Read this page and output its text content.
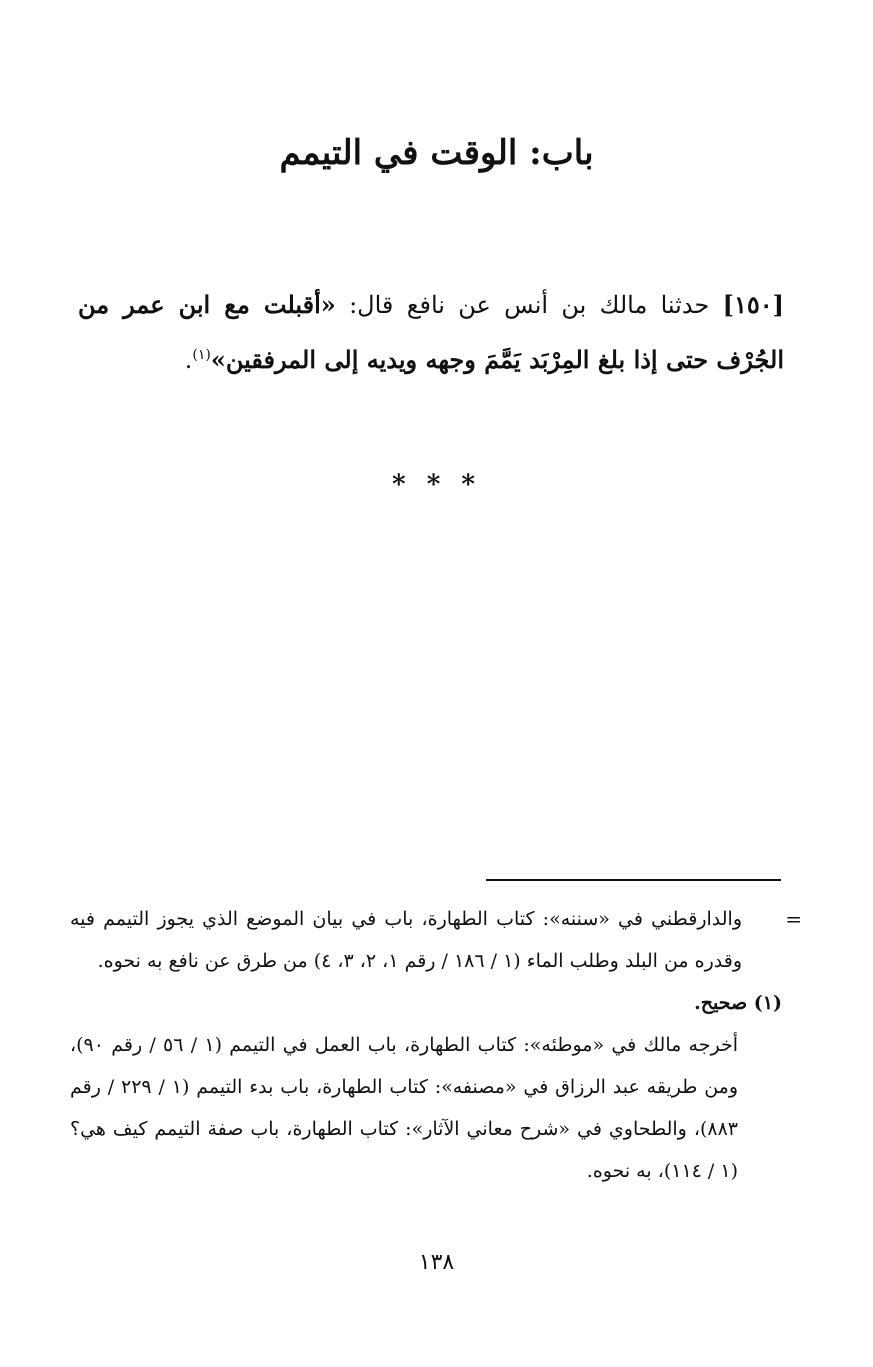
باب: الوقت في التيمم
[١٥٠] حدثنا مالك بن أنس عن نافع قال: «أقبلت مع ابن عمر من الجُرْف حتى إذا بلغ المِرْبَد يَمَّمَ وجهه ويديه إلى المرفقين»$^{(١)}$.
* * *

=
والدارقطني في «سننه»: كتاب الطهارة، باب في بيان الموضع الذي يجوز التيمم فيه وقدره من البلد وطلب الماء (١ / ١٨٦ / رقم ١، ٢، ٣، ٤) من طرق عن نافع به نحوه.

(١) صحيح.

أخرجه مالك في «موطئه»: كتاب الطهارة، باب العمل في التيمم (١ / ٥٦ / رقم ٩٠)، ومن طريقه عبد الرزاق في «مصنفه»: كتاب الطهارة، باب بدء التيمم (١ / ٢٢٩ / رقم ٨٨٣)، والطحاوي في «شرح معاني الآثار»: كتاب الطهارة، باب صفة التيمم كيف هي؟ (١ / ١١٤)، به نحوه.

١٣٨
